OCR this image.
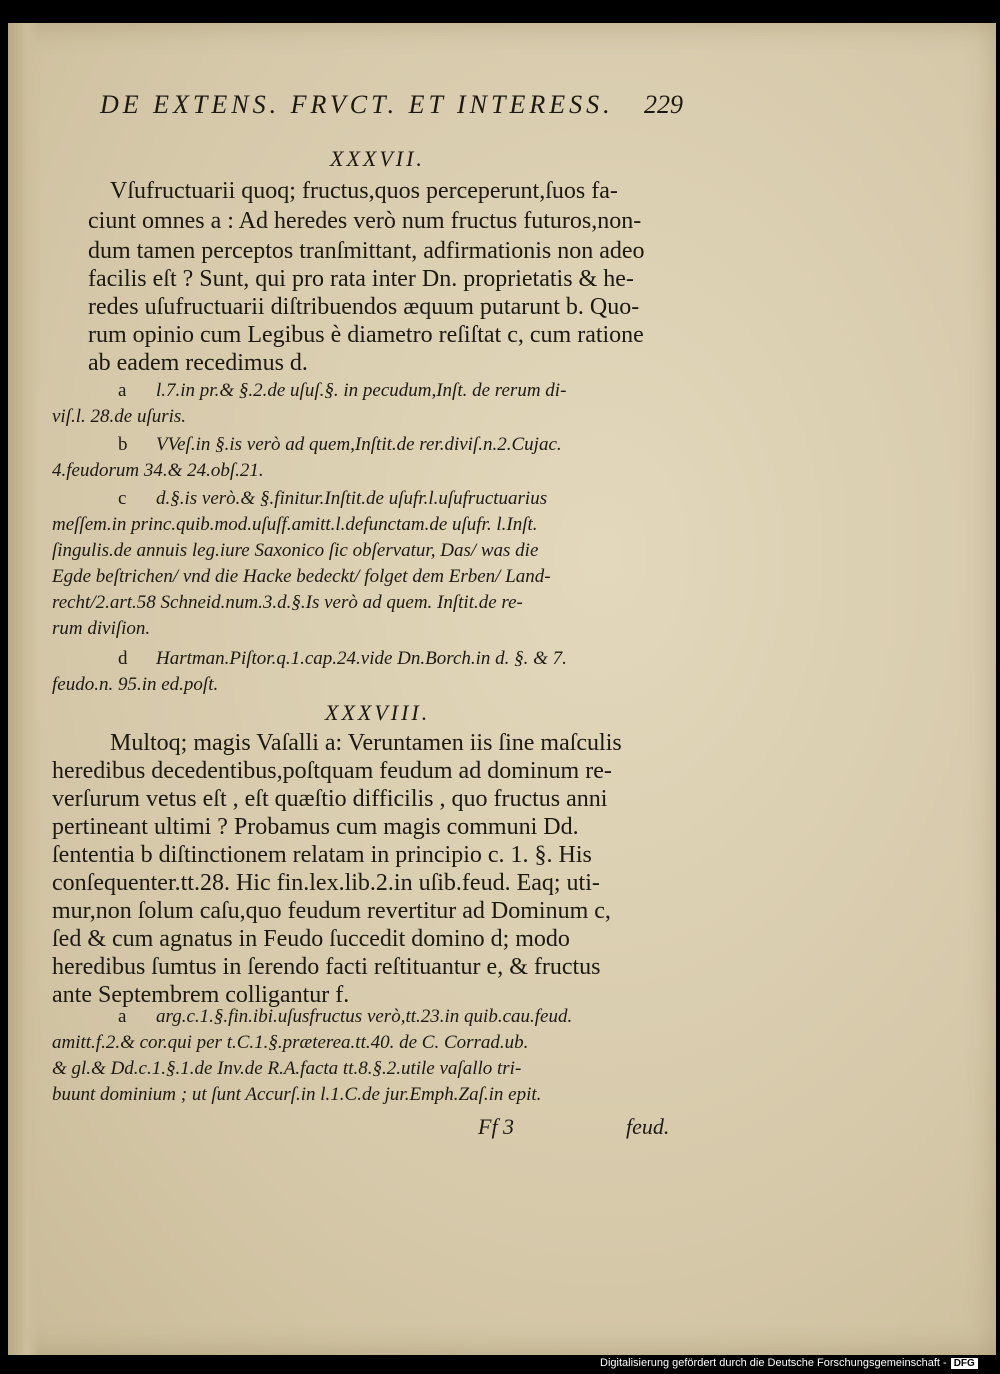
DE EXTENS. FRVCT. ET INTERESS. 229
XXXVII.
Vſufructuarii quoq; fructus,quos perceperunt,ſuos fa-
ciunt omnes a : Ad heredes verò num fructus futuros,non-
dum tamen perceptos tranſmittant, adfirmationis non adeo
facilis eſt ? Sunt, qui pro rata inter Dn. proprietatis & he-
redes uſufructuarii diſtribuendos æquum putarunt b. Quo-
rum opinio cum Legibus è diametro reſiſtat c, cum ratione
ab eadem recedimus d.
a l.7.in pr.& §.2.de uſuſ.§. in pecudum,Inſt. de rerum di-
viſ.l. 28.de uſuris.
b VVeſ.in §.is verò ad quem,Inſtit.de rer.diviſ.n.2.Cujac.
4.feudorum 34.& 24.obſ.21.
c d.§.is verò.& §.finitur.Inſtit.de uſufr.l.uſufructuarius
meſſem.in princ.quib.mod.uſuſf.amitt.l.defunctam.de uſufr. l.Inſt.
ſingulis.de annuis leg.iure Saxonico ſic obſervatur, Das/ was die
Egde beſtrichen/ vnd die Hacke bedeckt/ folget dem Erben/ Land-
recht/2.art.58 Schneid.num.3.d.§.Is verò ad quem. Inſtit.de re-
rum diviſion.
d Hartman.Piſtor.q.1.cap.24.vide Dn.Borch.in d. §. & 7.
feudo.n. 95.in ed.poſt.
XXXVIII.
Multoq; magis Vaſalli a: Veruntamen iis ſine maſculis
heredibus decedentibus,poſtquam feudum ad dominum re-
verſurum vetus eſt , eſt quæſtio difficilis , quo fructus anni
pertineant ultimi ? Probamus cum magis communi Dd.
ſententia b diſtinctionem relatam in principio c. 1. §. His
conſequenter.tt.28. Hic fin.lex.lib.2.in uſib.feud. Eaq; uti-
mur,non ſolum caſu,quo feudum revertitur ad Dominum c,
ſed & cum agnatus in Feudo ſuccedit domino d; modo
heredibus ſumtus in ſerendo facti reſtituantur e, & fructus
ante Septembrem colligantur f.
a arg.c.1.§.fin.ibi.uſusfructus verò,tt.23.in quib.cau.feud.
amitt.f.2.& cor.qui per t.C.1.§.præterea.tt.40. de C. Corrad.ub.
& gl.& Dd.c.1.§.1.de Inv.de R.A.facta tt.8.§.2.utile vaſallo tri-
buunt dominium ; ut ſunt Accurſ.in l.1.C.de jur.Emph.Zaſ.in epit.
Ff 3	feud.
Digitalisierung gefördert durch die Deutsche Forschungsgemeinschaft - DFG
